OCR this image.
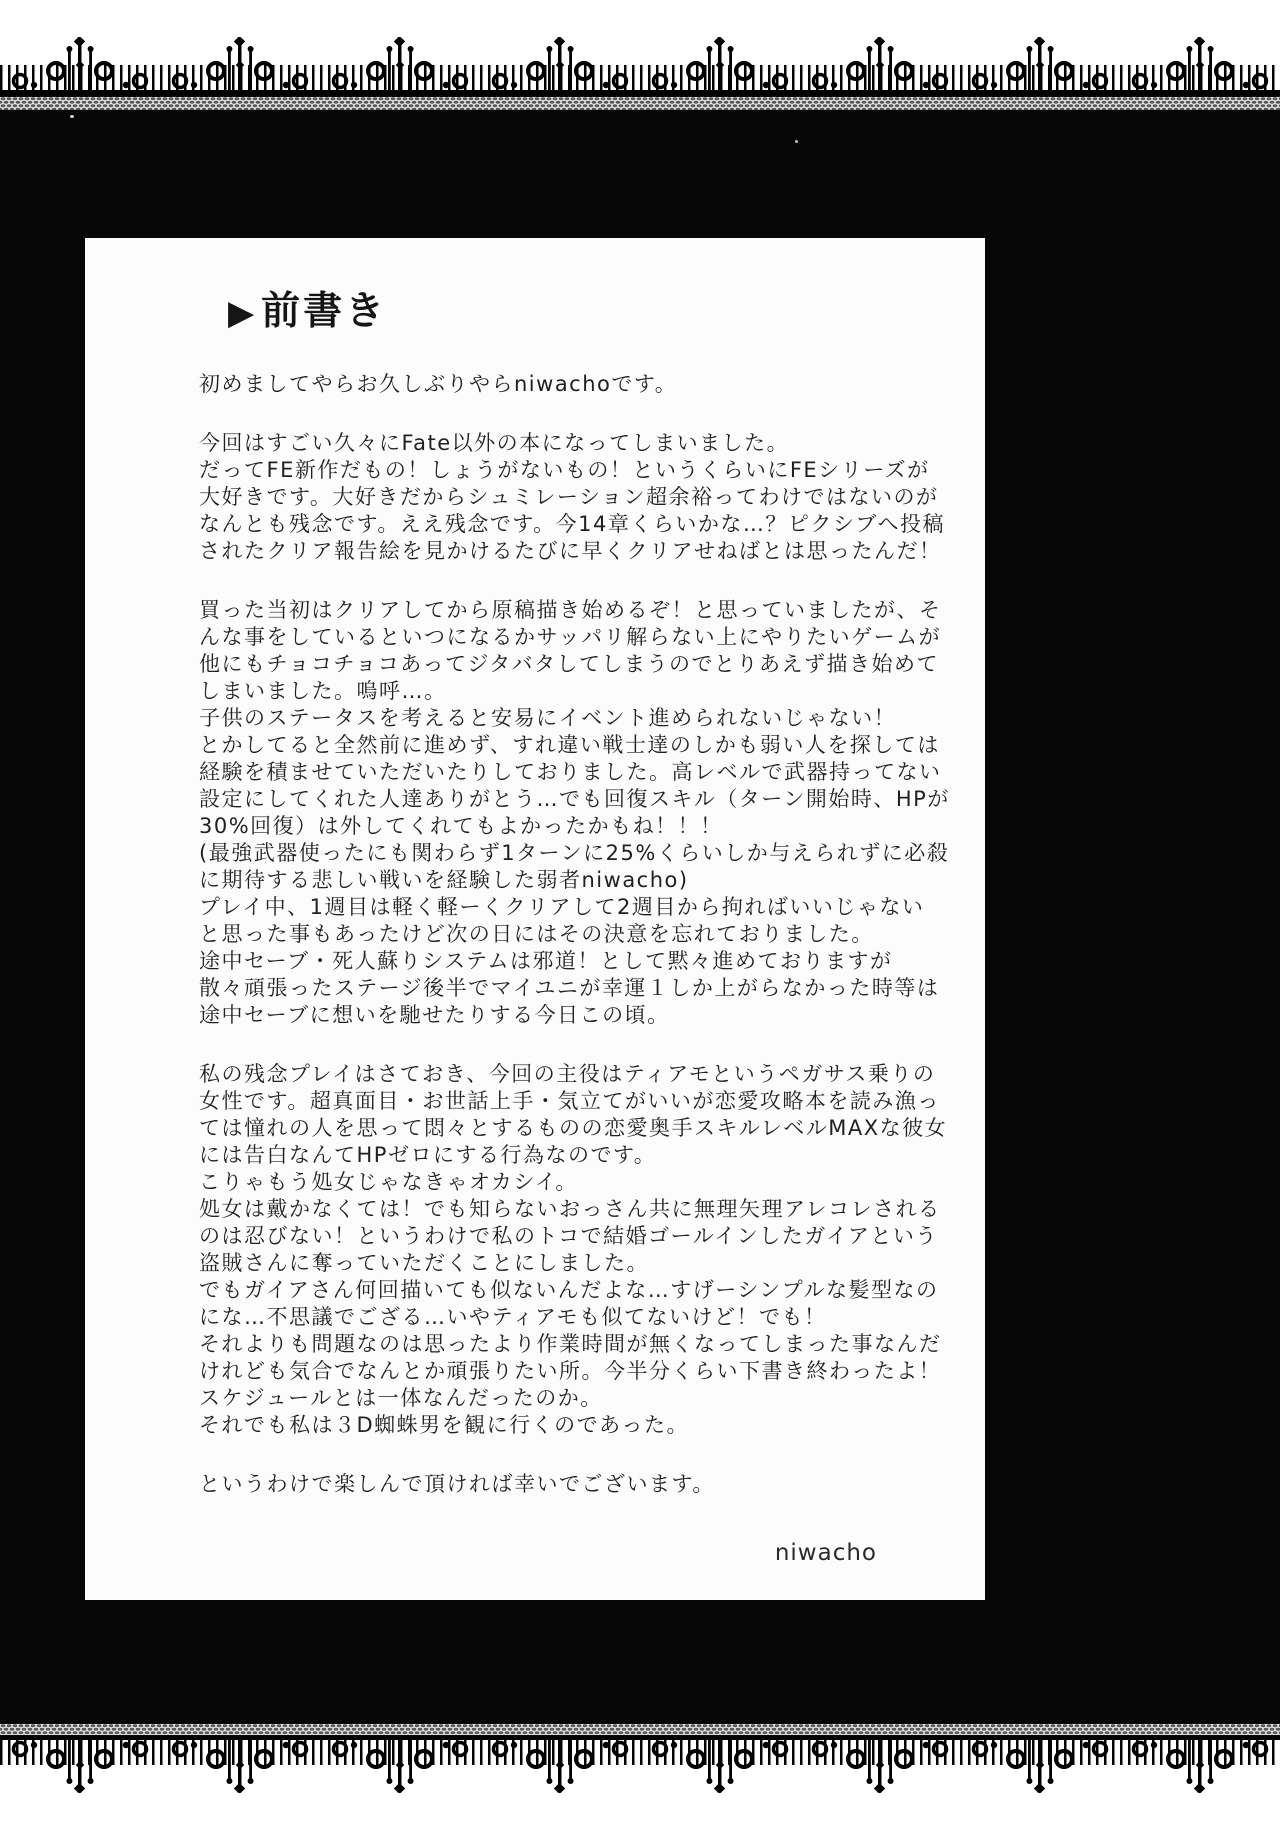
▶ 前書き

初めましてやらお久しぶりやらniwachoです。

今回はすごい久々にFate以外の本になってしまいました。
だってFE新作だもの！しょうがないもの！というくらいにFEシリーズが
大好きです。大好きだからシュミレーション超余裕ってわけではないのが
なんとも残念です。ええ残念です。今14章くらいかな…？ピクシブへ投稿
されたクリア報告絵を見かけるたびに早くクリアせねばとは思ったんだ！

買った当初はクリアしてから原稿描き始めるぞ！と思っていましたが、そ
んな事をしているといつになるかサッパリ解らない上にやりたいゲームが
他にもチョコチョコあってジタバタしてしまうのでとりあえず描き始めて
しまいました。嗚呼…。
子供のステータスを考えると安易にイベント進められないじゃない！
とかしてると全然前に進めず、すれ違い戦士達のしかも弱い人を探しては
経験を積ませていただいたりしておりました。高レベルで武器持ってない
設定にしてくれた人達ありがとう…でも回復スキル（ターン開始時、HPが
30%回復）は外してくれてもよかったかもね！！！
(最強武器使ったにも関わらず1ターンに25%くらいしか与えられずに必殺
に期待する悲しい戦いを経験した弱者niwacho)
プレイ中、1週目は軽く軽ーくクリアして2週目から拘ればいいじゃない
と思った事もあったけど次の日にはその決意を忘れておりました。
途中セーブ・死人蘇りシステムは邪道！として黙々進めておりますが
散々頑張ったステージ後半でマイユニが幸運１しか上がらなかった時等は
途中セーブに想いを馳せたりする今日この頃。

私の残念プレイはさておき、今回の主役はティアモというペガサス乗りの
女性です。超真面目・お世話上手・気立てがいいが恋愛攻略本を読み漁っ
ては憧れの人を思って悶々とするものの恋愛奥手スキルレベルMAXな彼女
には告白なんてHPゼロにする行為なのです。
こりゃもう処女じゃなきゃオカシイ。
処女は戴かなくては！でも知らないおっさん共に無理矢理アレコレされる
のは忍びない！というわけで私のトコで結婚ゴールインしたガイアという
盗賊さんに奪っていただくことにしました。
でもガイアさん何回描いても似ないんだよな…すげーシンプルな髪型なの
にな…不思議でござる…いやティアモも似てないけど！でも！
それよりも問題なのは思ったより作業時間が無くなってしまった事なんだ
けれども気合でなんとか頑張りたい所。今半分くらい下書き終わったよ！
スケジュールとは一体なんだったのか。
それでも私は３D蜘蛛男を観に行くのであった。

というわけで楽しんで頂ければ幸いでございます。

niwacho
